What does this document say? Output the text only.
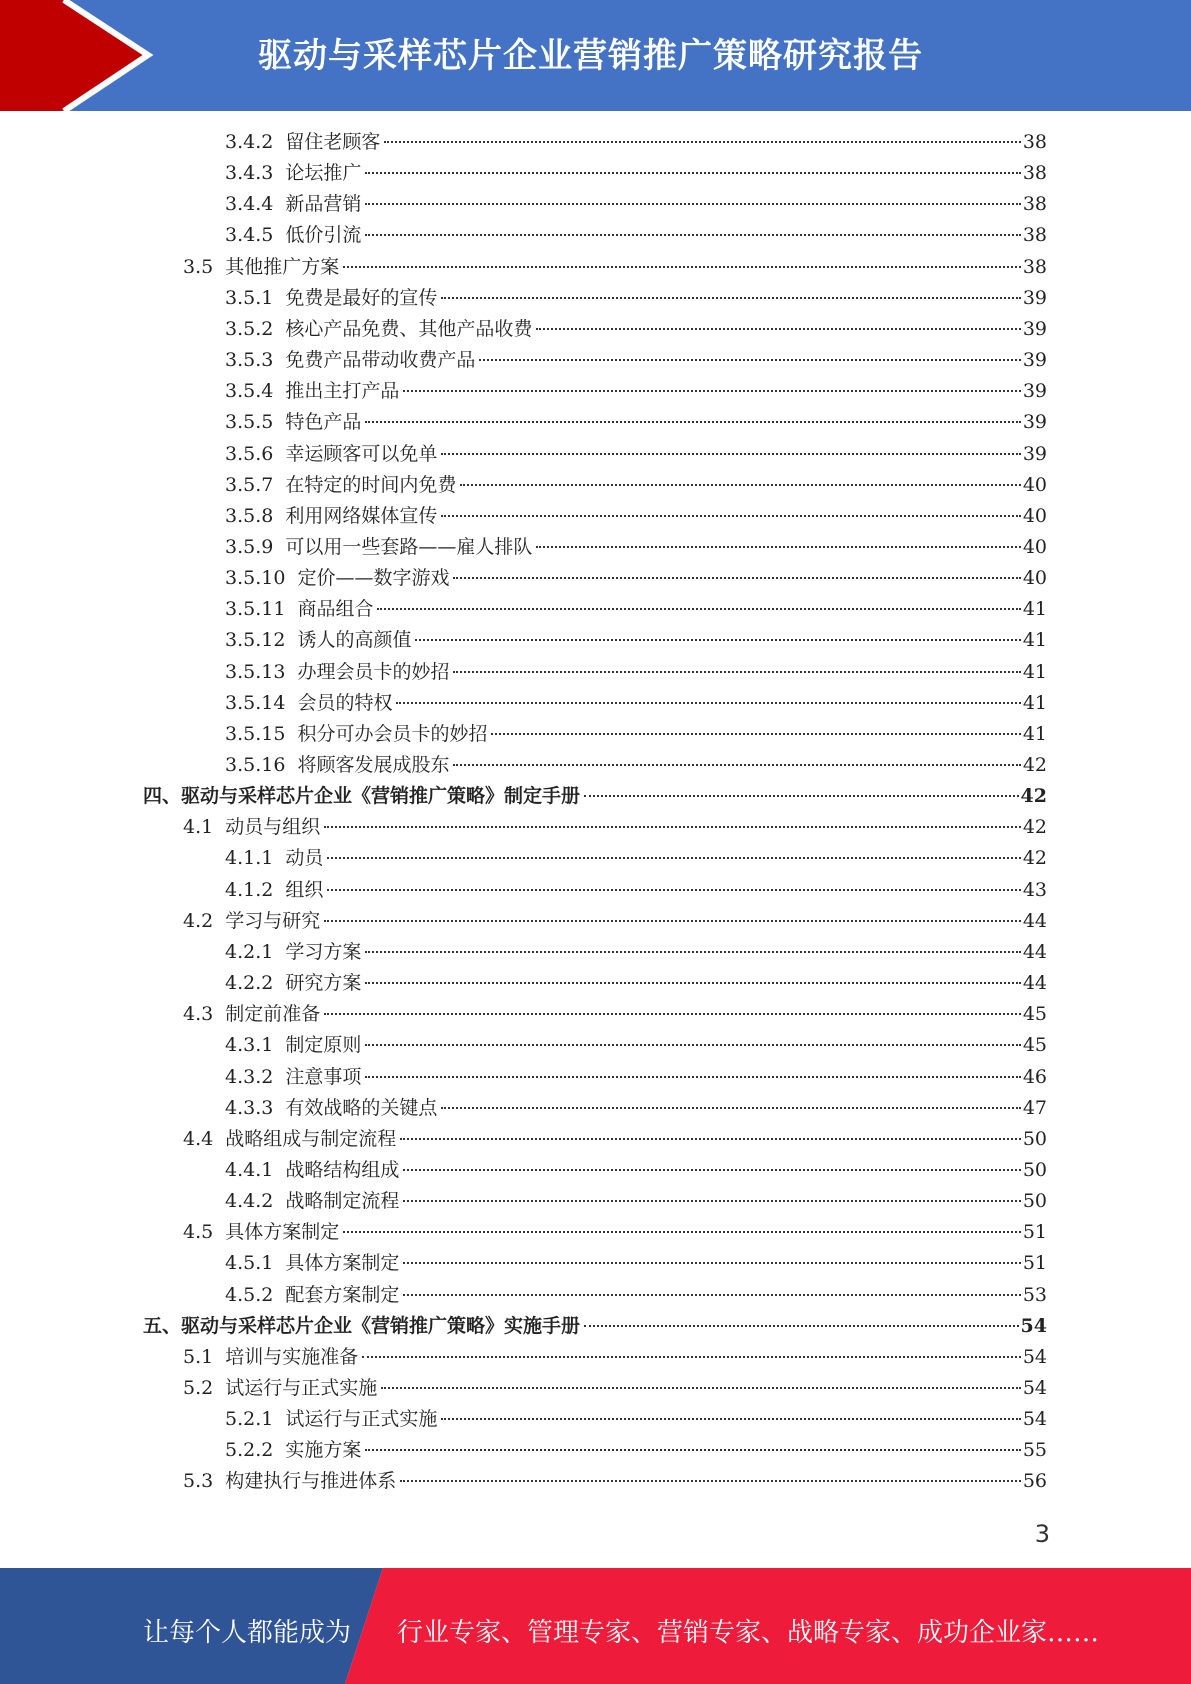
驱动与采样芯片企业营销推广策略研究报告
3.4.2 留住老顾客	38
3.4.3 论坛推广	38
3.4.4 新品营销	38
3.4.5 低价引流	38
3.5 其他推广方案	38
3.5.1 免费是最好的宣传	39
3.5.2 核心产品免费、其他产品收费	39
3.5.3 免费产品带动收费产品	39
3.5.4 推出主打产品	39
3.5.5 特色产品	39
3.5.6 幸运顾客可以免单	39
3.5.7 在特定的时间内免费	40
3.5.8 利用网络媒体宣传	40
3.5.9 可以用一些套路——雇人排队	40
3.5.10 定价——数字游戏	40
3.5.11 商品组合	41
3.5.12 诱人的高颜值	41
3.5.13 办理会员卡的妙招	41
3.5.14 会员的特权	41
3.5.15 积分可办会员卡的妙招	41
3.5.16 将顾客发展成股东	42
四、 驱动与采样芯片企业《营销推广策略》制定手册	42
4.1 动员与组织	42
4.1.1 动员	42
4.1.2 组织	43
4.2 学习与研究	44
4.2.1 学习方案	44
4.2.2 研究方案	44
4.3 制定前准备	45
4.3.1 制定原则	45
4.3.2 注意事项	46
4.3.3 有效战略的关键点	47
4.4 战略组成与制定流程	50
4.4.1 战略结构组成	50
4.4.2 战略制定流程	50
4.5 具体方案制定	51
4.5.1 具体方案制定	51
4.5.2 配套方案制定	53
五、 驱动与采样芯片企业《营销推广策略》实施手册	54
5.1 培训与实施准备	54
5.2 试运行与正式实施	54
5.2.1 试运行与正式实施	54
5.2.2 实施方案	55
5.3 构建执行与推进体系	56
3
让每个人都能成为 行业专家、管理专家、营销专家、战略专家、成功企业家……
